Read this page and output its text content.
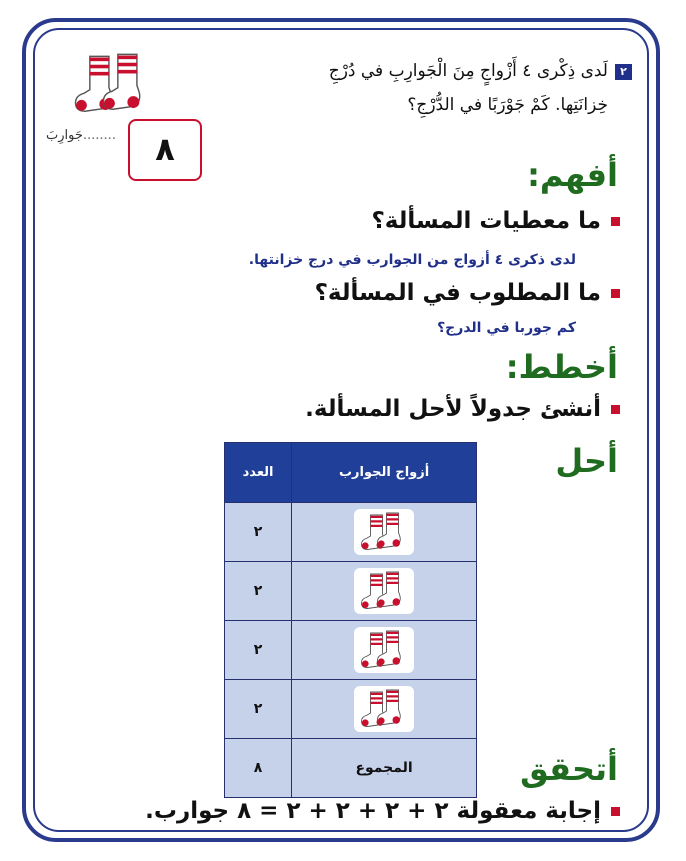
٢
لَدى ذِكْرى ٤ أَزْواجٍ مِنَ الْجَوارِبِ في دُرْجِ
خِزانَتِها. كَمْ جَوْرَبًا في الدُّرْجِ؟
٨
جَوارِبَ........
أفهم:
ما معطيات المسألة؟
لدى ذكرى ٤ أزواج من الجوارب في درج خزانتها.
ما المطلوب في المسألة؟
كم جوربا في الدرج؟
أخطط:
أنشئ جدولاً لأحل المسألة.
أحل
أزواج الجوارب	العدد
	٢
	٢
	٢
	٢
المجموع	٨	أتحقق
إجابة معقولة ٢ + ٢ + ٢ + ٢ = ٨ جوارب.
